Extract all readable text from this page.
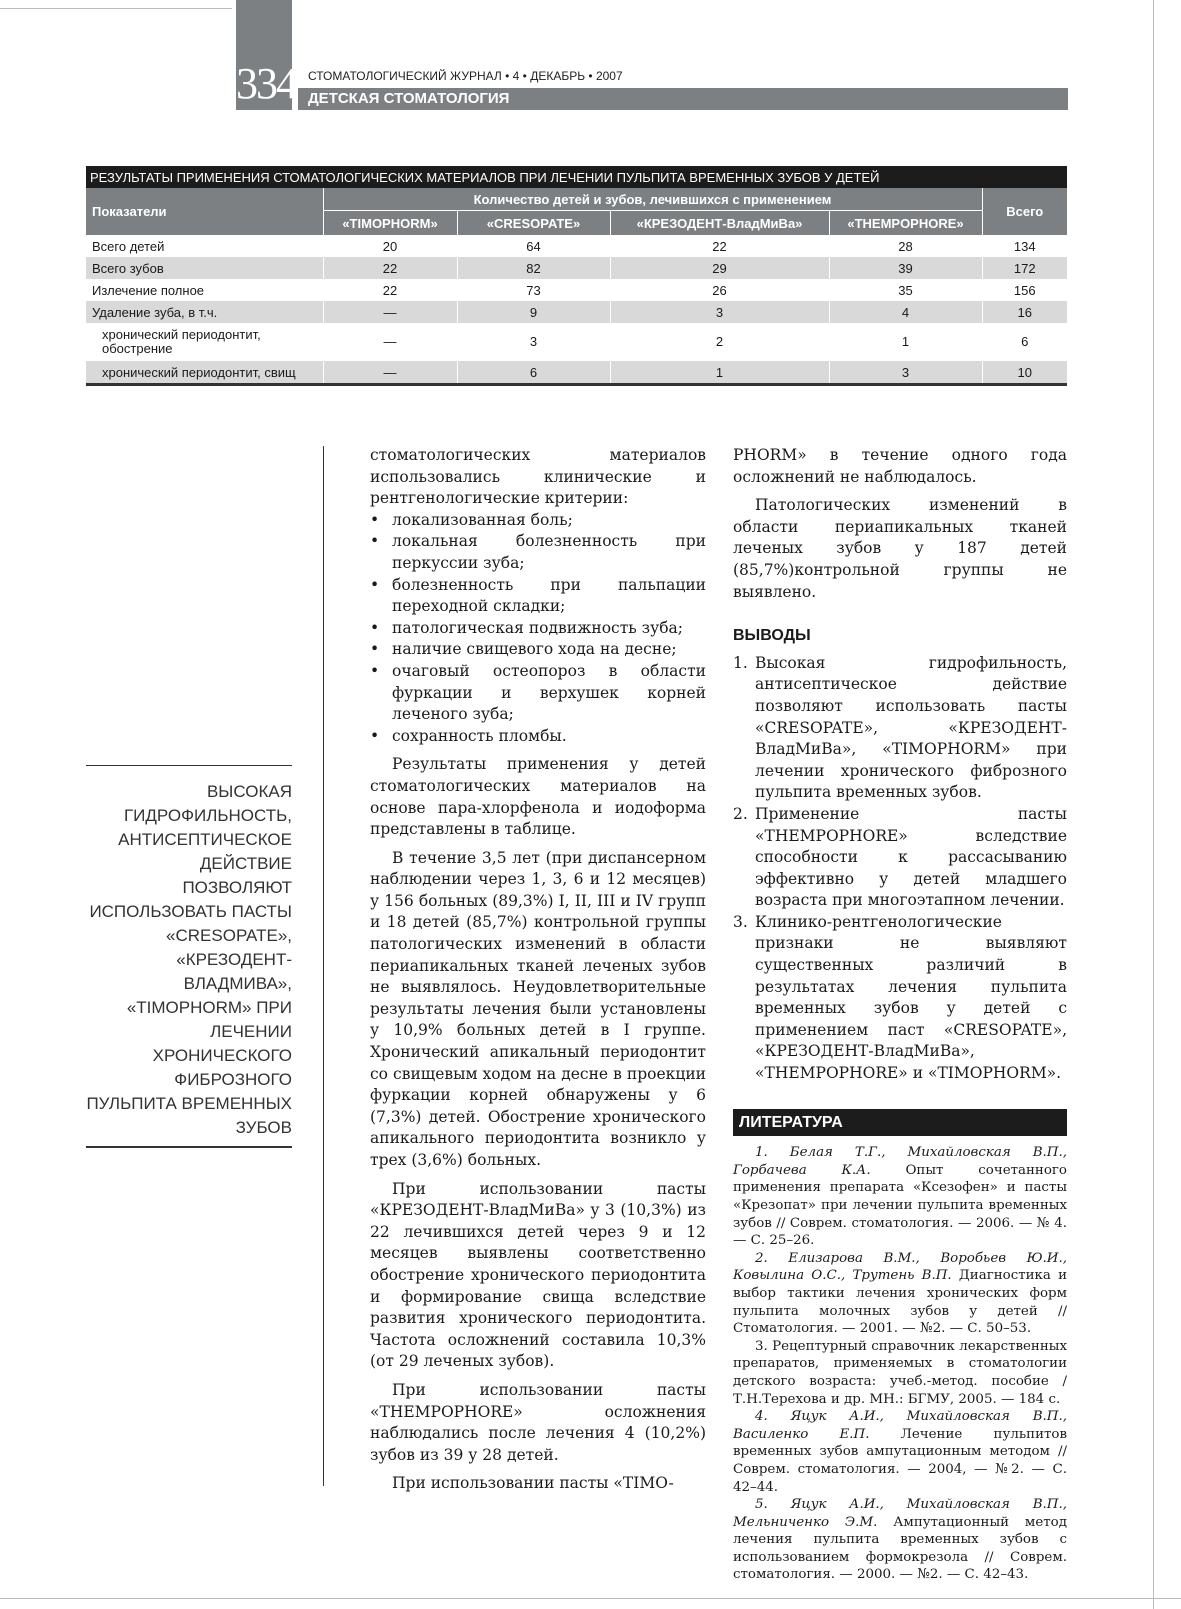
334 СТОМАТОЛОГИЧЕСКИЙ ЖУРНАЛ • 4 • ДЕКАБРЬ • 2007
ДЕТСКАЯ СТОМАТОЛОГИЯ
РЕЗУЛЬТАТЫ ПРИМЕНЕНИЯ СТОМАТОЛОГИЧЕСКИХ МАТЕРИАЛОВ ПРИ ЛЕЧЕНИИ ПУЛЬПИТА ВРЕМЕННЫХ ЗУБОВ У ДЕТЕЙ					
Показатели	Количество детей и зубов, лечившихся с применением				Всего
	«TIMOPHORM»	«CRESOPATE»	«КРЕЗОДЕНТ-ВладМиВа»	«THEMPOPHORE»	
Всего детей	20	64	22	28	134
Всего зубов	22	82	29	39	172
Излечение полное	22	73	26	35	156
Удаление зуба, в т.ч.	—	9	3	4	16
хронический периодонтит, обострение	—	3	2	1	6
хронический периодонтит, свищ	—	6	1	3	10

ВЫСОКАЯ ГИДРОФИЛЬНОСТЬ, АНТИСЕПТИЧЕСКОЕ ДЕЙСТВИЕ ПОЗВОЛЯЮТ ИСПОЛЬЗОВАТЬ ПАСТЫ «CRESOPATE», «КРЕЗОДЕНТ-ВЛАДМИВА», «TIMOPHORM» ПРИ ЛЕЧЕНИИ ХРОНИЧЕСКОГО ФИБРОЗНОГО ПУЛЬПИТА ВРЕМЕННЫХ ЗУБОВ

стоматологических материалов использовались клинические и рентгенологические критерии:

• локализованная боль;
• локальная болезненность при перкуссии зуба;
• болезненность при пальпации переходной складки;
• патологическая подвижность зуба;
• наличие свищевого хода на десне;
• очаговый остеопороз в области фуркации и верхушек корней леченого зуба;
• сохранность пломбы.

Результаты применения у детей стоматологических материалов на основе пара-хлорфенола и иодоформа представлены в таблице.

В течение 3,5 лет (при диспансерном наблюдении через 1, 3, 6 и 12 месяцев) у 156 больных (89,3%) I, II, III и IV групп и 18 детей (85,7%) контрольной группы патологических изменений в области периапикальных тканей леченых зубов не выявлялось. Неудовлетворительные результаты лечения были установлены у 10,9% больных детей в I группе. Хронический апикальный периодонтит со свищевым ходом на десне в проекции фуркации корней обнаружены у 6 (7,3%) детей. Обострение хронического апикального периодонтита возникло у трех (3,6%) больных.

При использовании пасты «КРЕЗОДЕНТ-ВладМиВа» у 3 (10,3%) из 22 лечившихся детей через 9 и 12 месяцев выявлены соответственно обострение хронического периодонтита и формирование свища вследствие развития хронического периодонтита. Частота осложнений составила 10,3% (от 29 леченых зубов).

При использовании пасты «THEMPOPHORE» осложнения наблюдались после лечения 4 (10,2%) зубов из 39 у 28 детей.

При использовании пасты «TIMO-

PHORM» в течение одного года осложнений не наблюдалось.

Патологических изменений в области периапикальных тканей леченых зубов у 187 детей (85,7%)контрольной группы не выявлено.

ВЫВОДЫ

1. Высокая гидрофильность, антисептическое действие позволяют использовать пасты «CRESOPATE», «КРЕЗОДЕНТ-ВладМиВа», «TIMOPHORM» при лечении хронического фиброзного пульпита временных зубов.
2. Применение пасты «THEMPOPHORE» вследствие способности к рассасыванию эффективно у детей младшего возраста при многоэтапном лечении.
3. Клинико-рентгенологические признаки не выявляют существенных различий в результатах лечения пульпита временных зубов у детей с применением паст «CRESOPATE», «КРЕЗОДЕНТ-ВладМиВа», «THEMPOPHORE» и «TIMOPHORM».

ЛИТЕРАТУРА

1. Белая Т.Г., Михайловская В.П., Горбачева К.А. Опыт сочетанного применения препарата «Ксезофен» и пасты «Крезопат» при лечении пульпита временных зубов // Соврем. стоматология. — 2006. — № 4. — С. 25–26.

2. Елизарова В.М., Воробьев Ю.И., Ковылина О.С., Трутень В.П. Диагностика и выбор тактики лечения хронических форм пульпита молочных зубов у детей // Стоматология. — 2001. — №2. — С. 50–53.

3. Рецептурный справочник лекарственных препаратов, применяемых в стоматологии детского возраста: учеб.-метод. пособие / Т.Н.Терехова и др. МН.: БГМУ, 2005. — 184 с.

4. Яцук А.И., Михайловская В.П., Василенко Е.П. Лечение пульпитов временных зубов ампутационным методом // Соврем. стоматология. — 2004, — №2. — С. 42–44.

5. Яцук А.И., Михайловская В.П., Мельниченко Э.М. Ампутационный метод лечения пульпита временных зубов с использованием формокрезола // Соврем. стоматология. — 2000. — №2. — С. 42–43.
